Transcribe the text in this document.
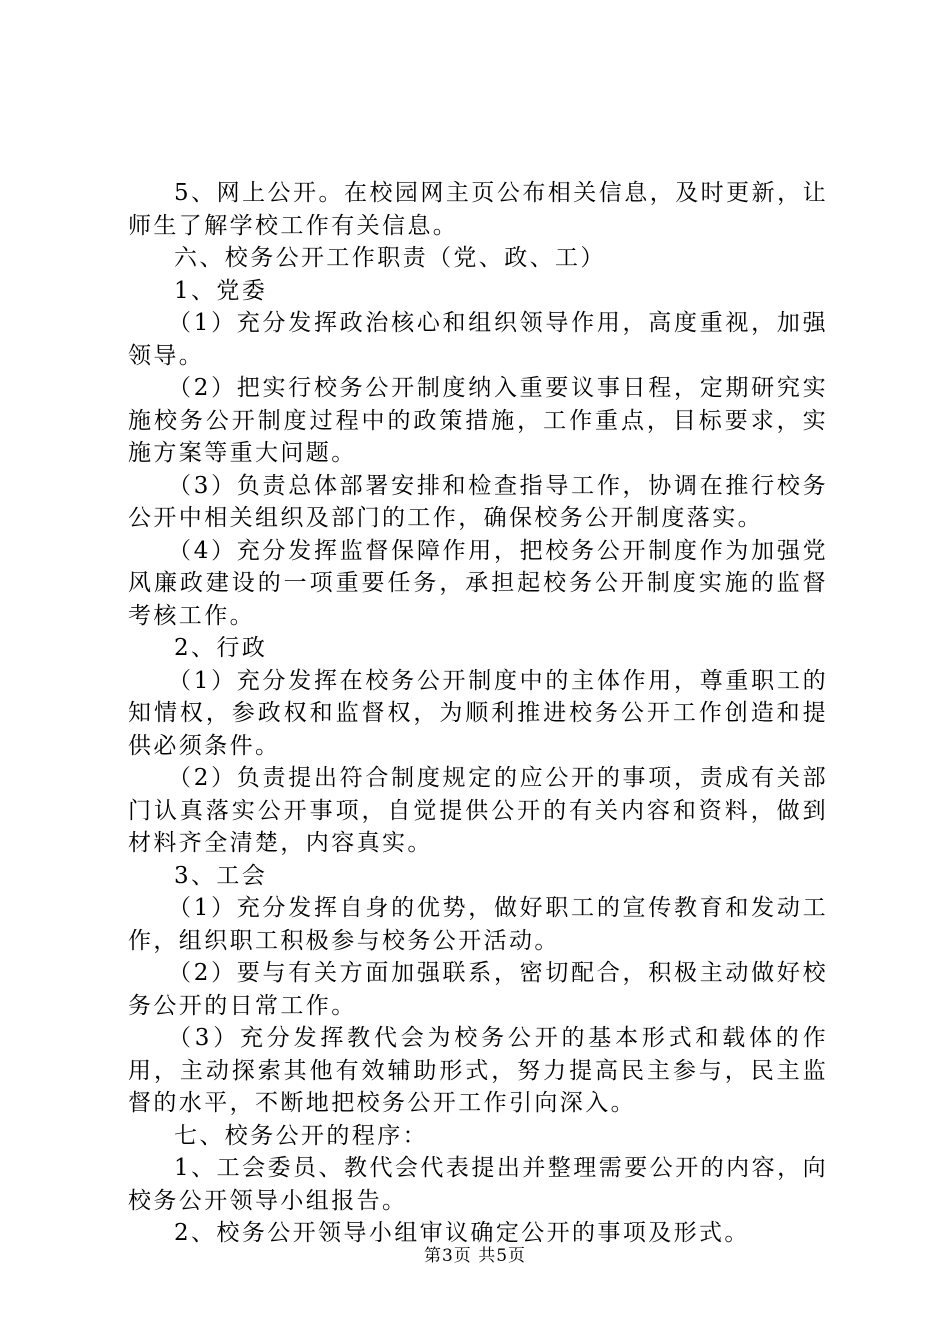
5、网上公开。在校园网主页公布相关信息，及时更新，让师生了解学校工作有关信息。

六、校务公开工作职责（党、政、工）

1、党委

（1）充分发挥政治核心和组织领导作用，高度重视，加强领导。

（2）把实行校务公开制度纳入重要议事日程，定期研究实施校务公开制度过程中的政策措施，工作重点，目标要求，实施方案等重大问题。

（3）负责总体部署安排和检查指导工作，协调在推行校务公开中相关组织及部门的工作，确保校务公开制度落实。

（4）充分发挥监督保障作用，把校务公开制度作为加强党风廉政建设的一项重要任务，承担起校务公开制度实施的监督考核工作。

2、行政

（1）充分发挥在校务公开制度中的主体作用，尊重职工的知情权，参政权和监督权，为顺利推进校务公开工作创造和提供必须条件。

（2）负责提出符合制度规定的应公开的事项，责成有关部门认真落实公开事项，自觉提供公开的有关内容和资料，做到材料齐全清楚，内容真实。

3、工会

（1）充分发挥自身的优势，做好职工的宣传教育和发动工作，组织职工积极参与校务公开活动。

（2）要与有关方面加强联系，密切配合，积极主动做好校务公开的日常工作。

（3）充分发挥教代会为校务公开的基本形式和载体的作用，主动探索其他有效辅助形式，努力提高民主参与，民主监督的水平，不断地把校务公开工作引向深入。

七、校务公开的程序：

1、工会委员、教代会代表提出并整理需要公开的内容，向校务公开领导小组报告。

2、校务公开领导小组审议确定公开的事项及形式。

第3页 共5页
